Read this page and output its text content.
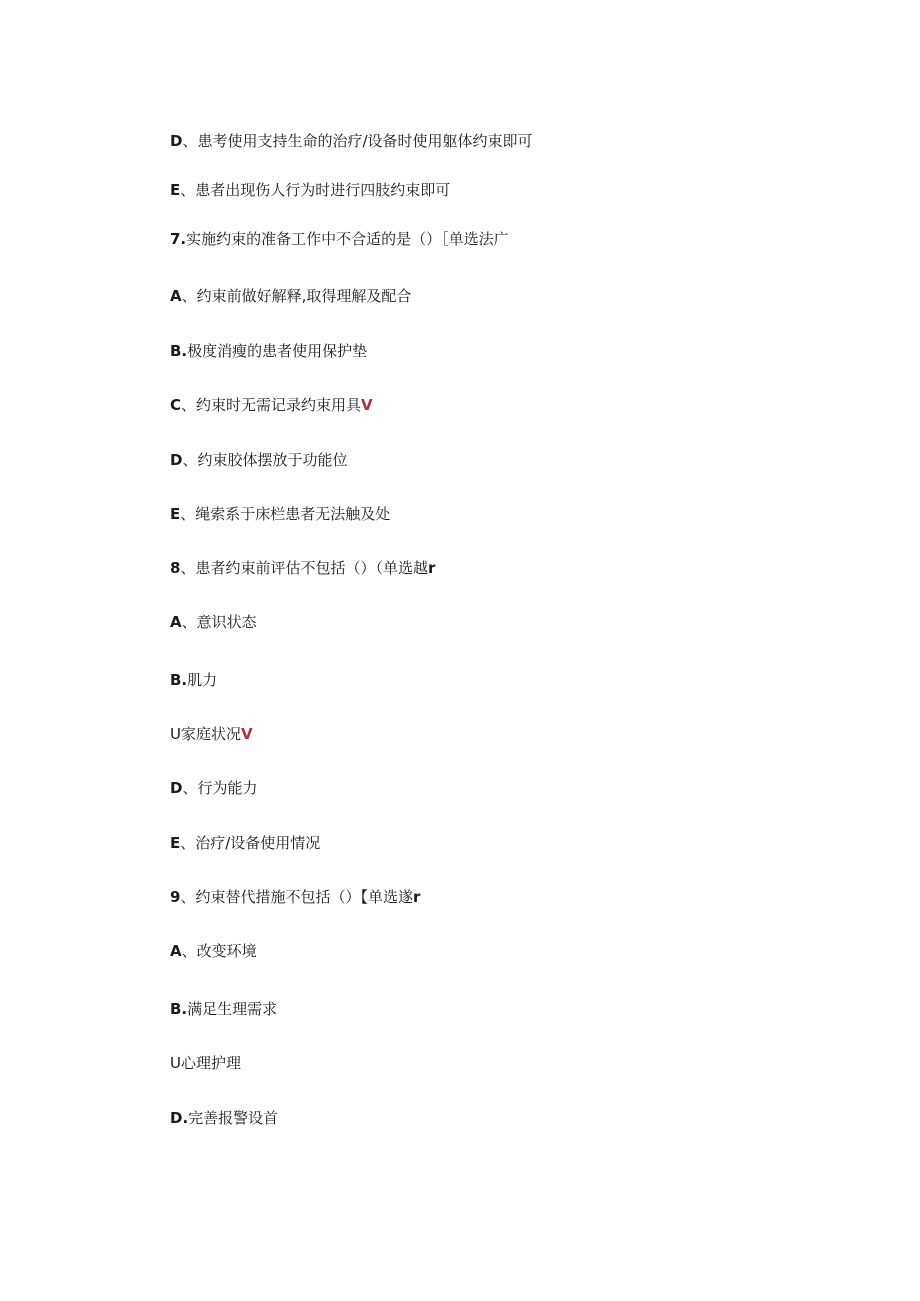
D、患考使用支持生命的治疗/设备时使用躯体约束即可
E、患者出现伤人行为时进行四肢约束即可
7.实施约束的准备工作中不合适的是（）［单选法广
A、约束前做好解释,取得理解及配合
B.极度消瘦的患者使用保护垫
C、约束时无需记录约束用具V
D、约束胶体摆放于功能位
E、绳索系于床栏患者无法触及处
8、患者约束前评估不包括（）（单选越r
A、意识状态
B.肌力
U家庭状况V
D、行为能力
E、治疗/设备使用情况
9、约束替代措施不包括（）【单选遂r
A、改变环境
B.满足生理需求
U心理护理
D.完善报警设首
